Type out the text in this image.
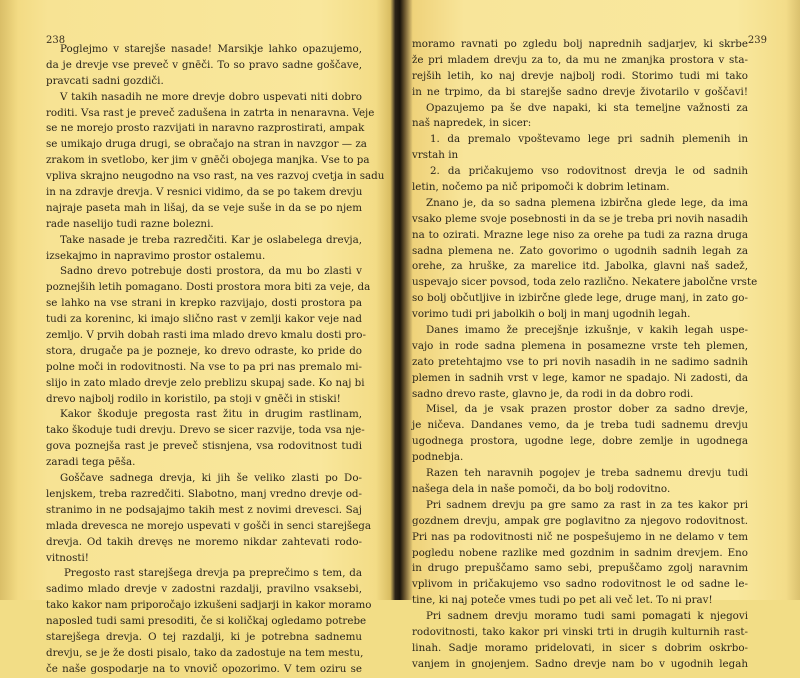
238
Poglejmo v starejše nasade! Marsikje lahko opazujemo,
da je drevje vse preveč v gnēči. To so pravo sadne goščave,
pravcati sadni gozdiči.
V takih nasadih ne more drevje dobro uspevati niti dobro
roditi. Vsa rast je preveč zadušena in zatrta in nenaravna. Veje
se ne morejo prosto razvijati in naravno razprostirati, ampak
se umikajo druga drugi, se obračajo na stran in navzgor — za
zrakom in svetlobo, ker jim v gnēči obojega manjka. Vse to pa
vpliva skrajno neugodno na vso rast, na ves razvoj cvetja in sadu
in na zdravje drevja. V resnici vidimo, da se po takem drevju
najraje paseta mah in lišaj, da se veje suše in da se po njem
rade naselijo tudi razne bolezni.
Take nasade je treba razredčiti. Kar je oslabelega drevja,
izsekajmo in napravimo prostor ostalemu.
Sadno drevo potrebuje dosti prostora, da mu bo zlasti v
poznejših letih pomagano. Dosti prostora mora biti za veje, da
se lahko na vse strani in krepko razvijajo, dosti prostora pa
tudi za koreninc, ki imajo slično rast v zemlji kakor veje nad
zemljo. V prvih dobah rasti ima mlado drevo kmalu dosti pro-
stora, drugače pa je pozneje, ko drevo odraste, ko pride do
polne moči in rodovitnosti. Na vse to pa pri nas premalo mi-
slijo in zato mlado drevje zelo preblizu skupaj sade. Ko naj bi
drevo najbolj rodilo in koristilo, pa stoji v gnēči in stiski!
Kakor škoduje pregosta rast žitu in drugim rastlinam,
tako škoduje tudi drevju. Drevo se sicer razvije, toda vsa nje-
gova poznejša rast je preveč stisnjena, vsa rodovitnost tudi
zaradi tega pēša.
Goščave sadnega drevja, ki jih še veliko zlasti po Do-
lenjskem, treba razredčiti. Slabotno, manj vredno drevje od-
stranimo in ne podsajajmo takih mest z novimi drevesci. Saj
mlada drevesca ne morejo uspevati v gošči in senci starejšega
drevja. Od takih drevęs ne moremo nikdar zahtevati rodo-
vitnosti!
Pregosto rast starejšega drevja pa preprečimo s tem, da
sadimo mlado drevje v zadostni razdalji, pravilno vsaksebi,
tako kakor nam priporočajo izkušeni sadjarji in kakor moramo
naposled tudi sami presoditi, če si količkaj ogledamo potrebe
starejšega drevja. O tej razdalji, ki je potrebna sadnemu
drevju, se je že dosti pisalo, tako da zadostuje na tem mestu,
če naše gospodarje na to vnovič opozorimo. V tem oziru se
239
moramo ravnati po zgledu bolj naprednih sadjarjev, ki skrbe
že pri mladem drevju za to, da mu ne zmanjka prostora v sta-
rejših letih, ko naj drevje najbolj rodi. Storimo tudi mi tako
in ne trpimo, da bi starejše sadno drevje životarilo v goščavi!
Opazujemo pa še dve napaki, ki sta temeljne važnosti za
naš napredek, in sicer:
1. da premalo vpoštevamo lege pri sadnih plemenih in
vrstah in
2. da pričakujemo vso rodovitnost drevja le od sadnih
letin, nočemo pa nič pripomoči k dobrim letinam.
Znano je, da so sadna plemena izbirčna glede lege, da ima
vsako pleme svoje posebnosti in da se je treba pri novih nasadih
na to ozirati. Mrazne lege niso za orehe pa tudi za razna druga
sadna plemena ne. Zato govorimo o ugodnih sadnih legah za
orehe, za hruške, za marelice itd. Jabolka, glavni naš sadež,
uspevajo sicer povsod, toda zelo različno. Nekatere jabolčne vrste
so bolj občutljive in izbirčne glede lege, druge manj, in zato go-
vorimo tudi pri jabolkih o bolj in manj ugodnih legah.
Danes imamo že precejšnje izkušnje, v kakih legah uspe-
vajo in rode sadna plemena in posamezne vrste teh plemen,
zato pretehtajmo vse to pri novih nasadih in ne sadimo sadnih
plemen in sadnih vrst v lege, kamor ne spadajo. Ni zadosti, da
sadno drevo raste, glavno je, da rodi in da dobro rodi.
Misel, da je vsak prazen prostor dober za sadno drevje,
je ničeva. Dandanes vemo, da je treba tudi sadnemu drevju
ugodnega prostora, ugodne lege, dobre zemlje in ugodnega
podnebja.
Razen teh naravnih pogojev je treba sadnemu drevju tudi
našega dela in naše pomoči, da bo bolj rodovitno.
Pri sadnem drevju pa gre samo za rast in za tes kakor pri
gozdnem drevju, ampak gre poglavitno za njegovo rodovitnost.
Pri nas pa rodovitnosti nič ne pospešujemo in ne delamo v tem
pogledu nobene razlike med gozdnim in sadnim drevjem. Eno
in drugo prepuščamo samo sebi, prepuščamo zgolj naravnim
vplivom in pričakujemo vso sadno rodovitnost le od sadne le-
tine, ki naj poteče vmes tudi po pet ali več let. To ni prav!
Pri sadnem drevju moramo tudi sami pomagati k njegovi
rodovitnosti, tako kakor pri vinski trti in drugih kulturnih rast-
linah. Sadje moramo pridelovati, in sicer s dobrim oskrbo-
vanjem in gnojenjem. Sadno drevje nam bo v ugodnih legah
